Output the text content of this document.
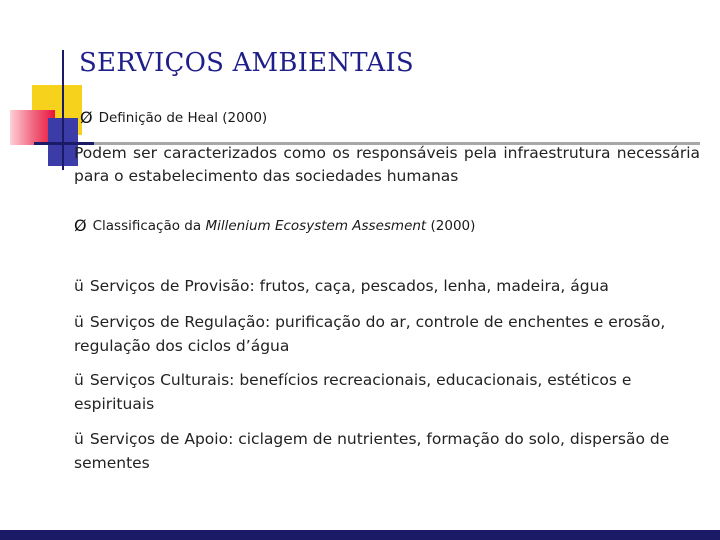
SERVIÇOS AMBIENTAIS
Ø Definição de Heal (2000)
Podem ser caracterizados como os responsáveis pela infraestrutura necessária para o estabelecimento das sociedades humanas
Ø Classificação da Millenium Ecosystem Assesment (2000)
ü Serviços de Provisão: frutos, caça, pescados, lenha, madeira, água
ü Serviços de Regulação: purificação do ar, controle de enchentes e erosão, regulação dos ciclos d’água
ü Serviços Culturais: benefícios recreacionais, educacionais, estéticos e espirituais
ü Serviços de Apoio: ciclagem de nutrientes, formação do solo, dispersão de sementes
